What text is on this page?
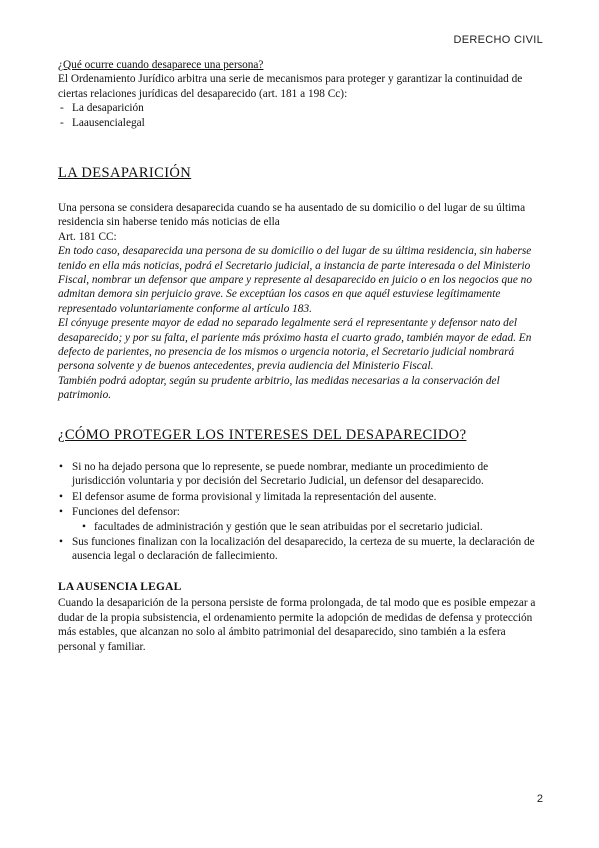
DERECHO CIVIL
¿Qué ocurre cuando desaparece una persona?
El Ordenamiento Jurídico arbitra una serie de mecanismos para proteger y garantizar la continuidad de ciertas relaciones jurídicas del desaparecido (art. 181 a 198 Cc):
- La desaparición
- Laausencialegal
LA DESAPARICIÓN
Una persona se considera desaparecida cuando se ha ausentado de su domicilio o del lugar de su última residencia sin haberse tenido más noticias de ella
Art. 181 CC:
En todo caso, desaparecida una persona de su domicilio o del lugar de su última residencia, sin haberse tenido en ella más noticias, podrá el Secretario judicial, a instancia de parte interesada o del Ministerio Fiscal, nombrar un defensor que ampare y represente al desaparecido en juicio o en los negocios que no admitan demora sin perjuicio grave. Se exceptúan los casos en que aquél estuviese legítimamente representado voluntariamente conforme al artículo 183.
El cónyuge presente mayor de edad no separado legalmente será el representante y defensor nato del desaparecido; y por su falta, el pariente más próximo hasta el cuarto grado, también mayor de edad. En defecto de parientes, no presencia de los mismos o urgencia notoria, el Secretario judicial nombrará persona solvente y de buenos antecedentes, previa audiencia del Ministerio Fiscal.
También podrá adoptar, según su prudente arbitrio, las medidas necesarias a la conservación del patrimonio.
¿CÓMO PROTEGER LOS INTERESES DEL DESAPARECIDO?
• Si no ha dejado persona que lo represente, se puede nombrar, mediante un procedimiento de jurisdicción voluntaria y por decisión del Secretario Judicial, un defensor del desaparecido.
• El defensor asume de forma provisional y limitada la representación del ausente.
• Funciones del defensor:
• facultades de administración y gestión que le sean atribuidas por el secretario judicial.
• Sus funciones finalizan con la localización del desaparecido, la certeza de su muerte, la declaración de ausencia legal o declaración de fallecimiento.
LA AUSENCIA LEGAL
Cuando la desaparición de la persona persiste de forma prolongada, de tal modo que es posible empezar a dudar de la propia subsistencia, el ordenamiento permite la adopción de medidas de defensa y protección más estables, que alcanzan no solo al ámbito patrimonial del desaparecido, sino también a la esfera personal y familiar.
2
